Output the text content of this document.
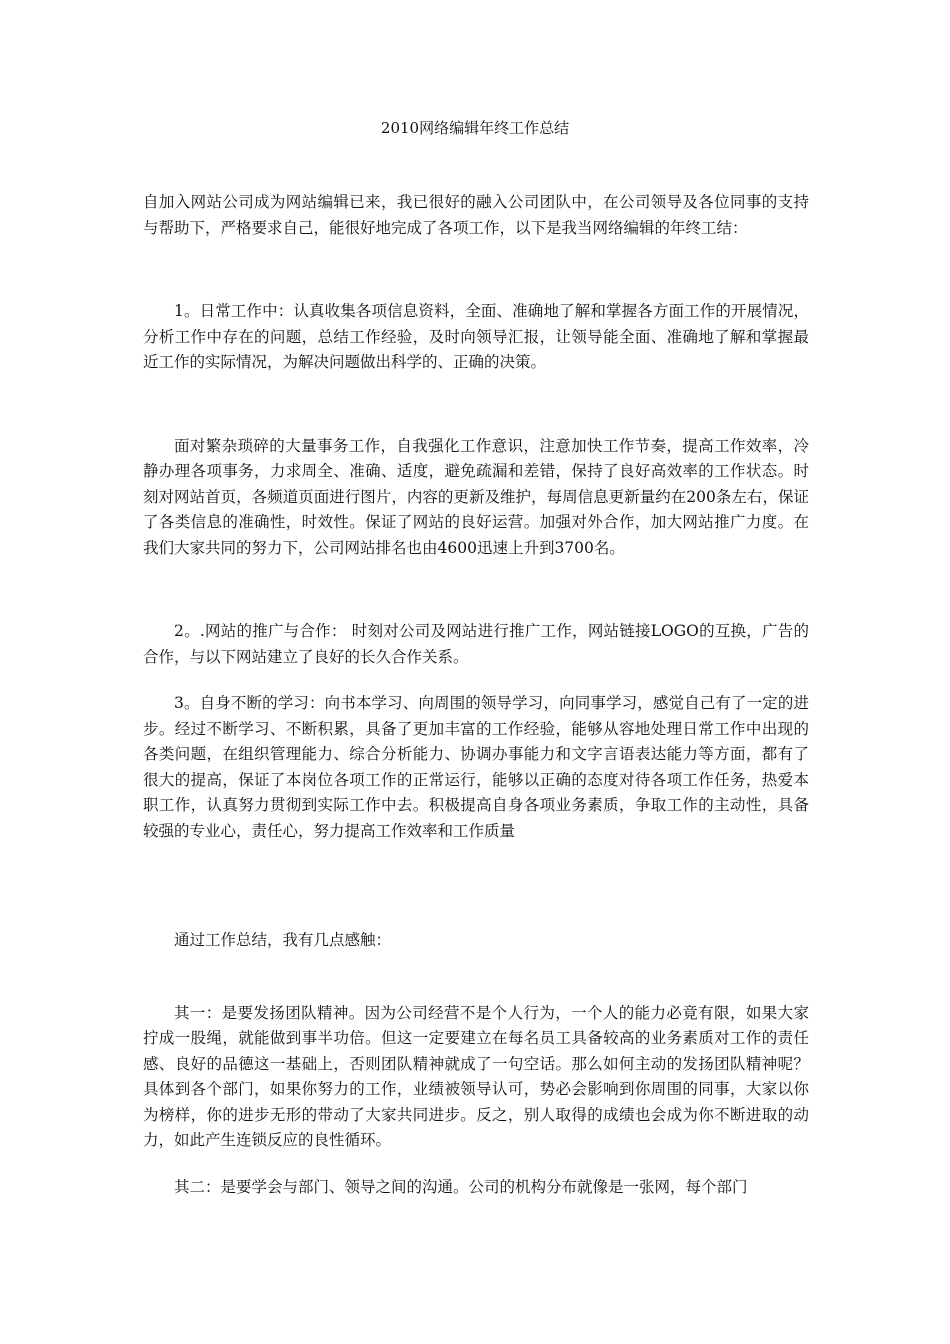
2010网络编辑年终工作总结

自加入网站公司成为网站编辑已来，我已很好的融入公司团队中，在公司领导及各位同事的支持与帮助下，严格要求自己，能很好地完成了各项工作，以下是我当网络编辑的年终工结：

1。日常工作中：认真收集各项信息资料，全面、准确地了解和掌握各方面工作的开展情况，分析工作中存在的问题，总结工作经验，及时向领导汇报，让领导能全面、准确地了解和掌握最近工作的实际情况，为解决问题做出科学的、正确的决策。

面对繁杂琐碎的大量事务工作，自我强化工作意识，注意加快工作节奏，提高工作效率，冷静办理各项事务，力求周全、准确、适度，避免疏漏和差错，保持了良好高效率的工作状态。时刻对网站首页，各频道页面进行图片，内容的更新及维护，每周信息更新量约在200条左右，保证了各类信息的准确性，时效性。保证了网站的良好运营。加强对外合作，加大网站推广力度。在我们大家共同的努力下，公司网站排名也由4600迅速上升到3700名。

2。.网站的推广与合作： 时刻对公司及网站进行推广工作，网站链接LOGO的互换，广告的合作，与以下网站建立了良好的长久合作关系。

3。自身不断的学习：向书本学习、向周围的领导学习，向同事学习，感觉自己有了一定的进步。经过不断学习、不断积累，具备了更加丰富的工作经验，能够从容地处理日常工作中出现的各类问题，在组织管理能力、综合分析能力、协调办事能力和文字言语表达能力等方面，都有了很大的提高，保证了本岗位各项工作的正常运行，能够以正确的态度对待各项工作任务，热爱本职工作，认真努力贯彻到实际工作中去。积极提高自身各项业务素质，争取工作的主动性，具备较强的专业心，责任心，努力提高工作效率和工作质量

通过工作总结，我有几点感触：

其一：是要发扬团队精神。因为公司经营不是个人行为，一个人的能力必竟有限，如果大家拧成一股绳，就能做到事半功倍。但这一定要建立在每名员工具备较高的业务素质对工作的责任感、良好的品德这一基础上，否则团队精神就成了一句空话。那么如何主动的发扬团队精神呢？具体到各个部门，如果你努力的工作，业绩被领导认可，势必会影响到你周围的同事，大家以你为榜样，你的进步无形的带动了大家共同进步。反之，别人取得的成绩也会成为你不断进取的动力，如此产生连锁反应的良性循环。

其二：是要学会与部门、领导之间的沟通。公司的机构分布就像是一张网，每个部门
